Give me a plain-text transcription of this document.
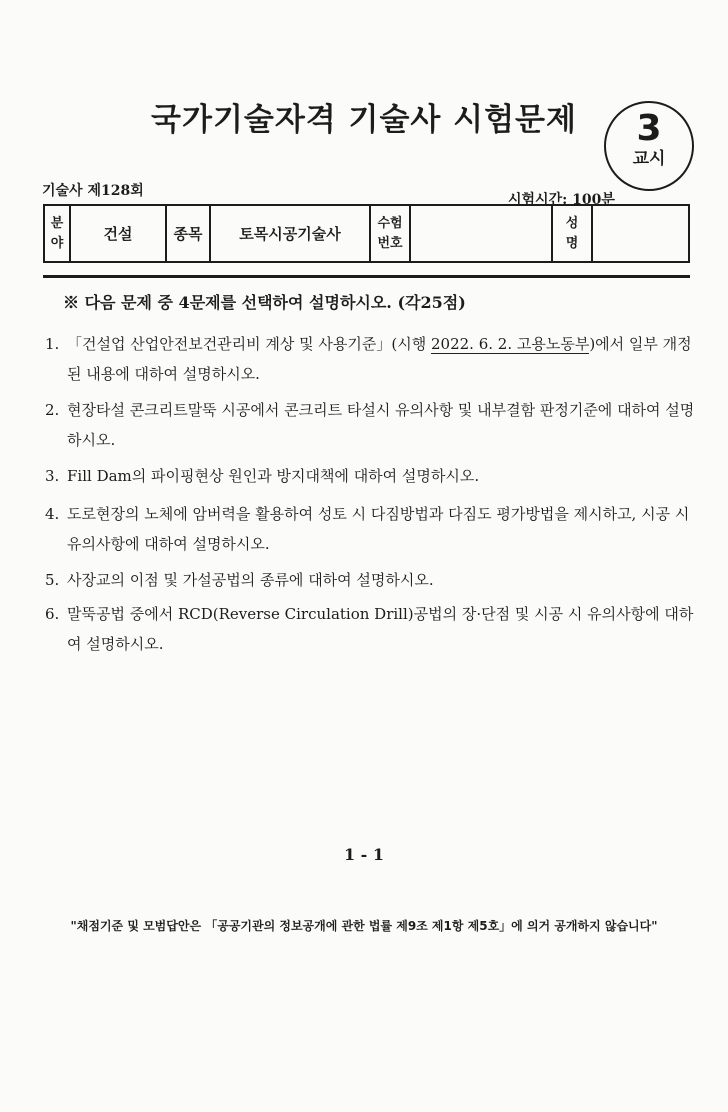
국가기술자격 기술사 시험문제	3
교시
기술사 제128회
시험시간: 100분
분야	건설	종목	토목시공기술사	수험번호		성명	
※ 다음 문제 중 4문제를 선택하여 설명하시오. (각25점)
1. 「건설업 산업안전보건관리비 계상 및 사용기준」(시행 2022. 6. 2. 고용노동부)에서 일부 개정된 내용에 대하여 설명하시오.
2. 현장타설 콘크리트말뚝 시공에서 콘크리트 타설시 유의사항 및 내부결함 판정기준에 대하여 설명하시오.
3. Fill Dam의 파이핑현상 원인과 방지대책에 대하여 설명하시오.
4. 도로현장의 노체에 암버력을 활용하여 성토 시 다짐방법과 다짐도 평가방법을 제시하고, 시공 시 유의사항에 대하여 설명하시오.
5. 사장교의 이점 및 가설공법의 종류에 대하여 설명하시오.
6. 말뚝공법 중에서 RCD(Reverse Circulation Drill)공법의 장·단점 및 시공 시 유의사항에 대하여 설명하시오.
1 - 1
"채점기준 및 모범답안은 「공공기관의 정보공개에 관한 법률 제9조 제1항 제5호」에 의거 공개하지 않습니다"
